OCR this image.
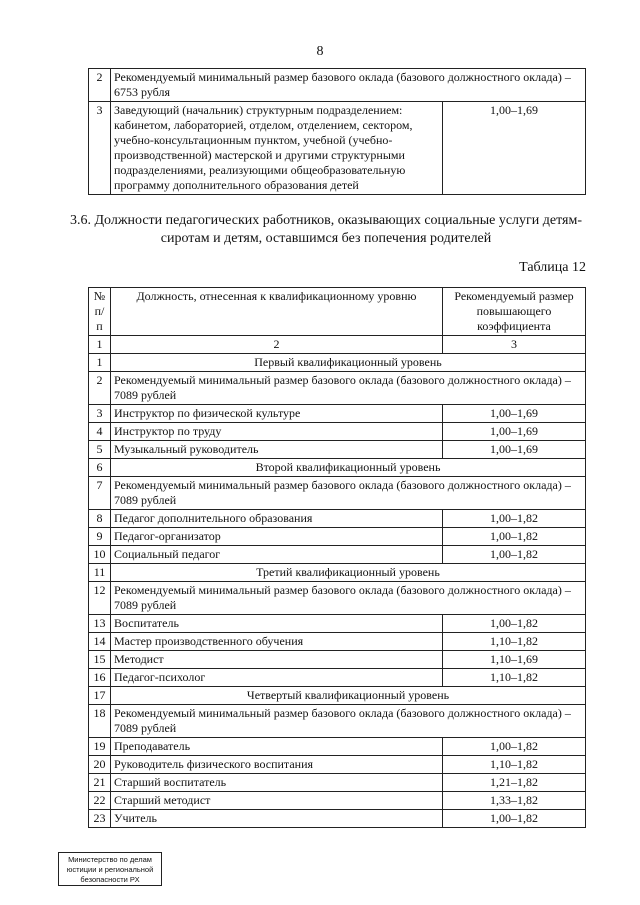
8
2	Рекомендуемый минимальный размер базового оклада (базового должностного оклада) – 6753 рубля	
3	Заведующий (начальник) структурным подразделением: кабинетом, лабораторией, отделом, отделением, сектором, учебно-консультационным пунктом, учебной (учебно-производственной) мастерской и другими структурными подразделениями, реализующими общеобразовательную программу дополнительного образования детей	1,00–1,69
3.6. Должности педагогических работников, оказывающих социальные услуги детям-сиротам и детям, оставшимся без попечения родителей
Таблица 12
№ п/п	Должность, отнесенная к квалификационному уровню	Рекомендуемый размер повышающего коэффициента
1	2	3
1	Первый квалификационный уровень	
2	Рекомендуемый минимальный размер базового оклада (базового должностного оклада) – 7089 рублей	
3	Инструктор по физической культуре	1,00–1,69
4	Инструктор по труду	1,00–1,69
5	Музыкальный руководитель	1,00–1,69
6	Второй квалификационный уровень	
7	Рекомендуемый минимальный размер базового оклада (базового должностного оклада) – 7089 рублей	
8	Педагог дополнительного образования	1,00–1,82
9	Педагог-организатор	1,00–1,82
10	Социальный педагог	1,00–1,82
11	Третий квалификационный уровень	
12	Рекомендуемый минимальный размер базового оклада (базового должностного оклада) – 7089 рублей	
13	Воспитатель	1,00–1,82
14	Мастер производственного обучения	1,10–1,82
15	Методист	1,10–1,69
16	Педагог-психолог	1,10–1,82
17	Четвертый квалификационный уровень	
18	Рекомендуемый минимальный размер базового оклада (базового должностного оклада) – 7089 рублей	
19	Преподаватель	1,00–1,82
20	Руководитель физического воспитания	1,10–1,82
21	Старший воспитатель	1,21–1,82
22	Старший методист	1,33–1,82
23	Учитель	1,00–1,82
Министерство по делам
юстиции и региональной
безопасности РХ
